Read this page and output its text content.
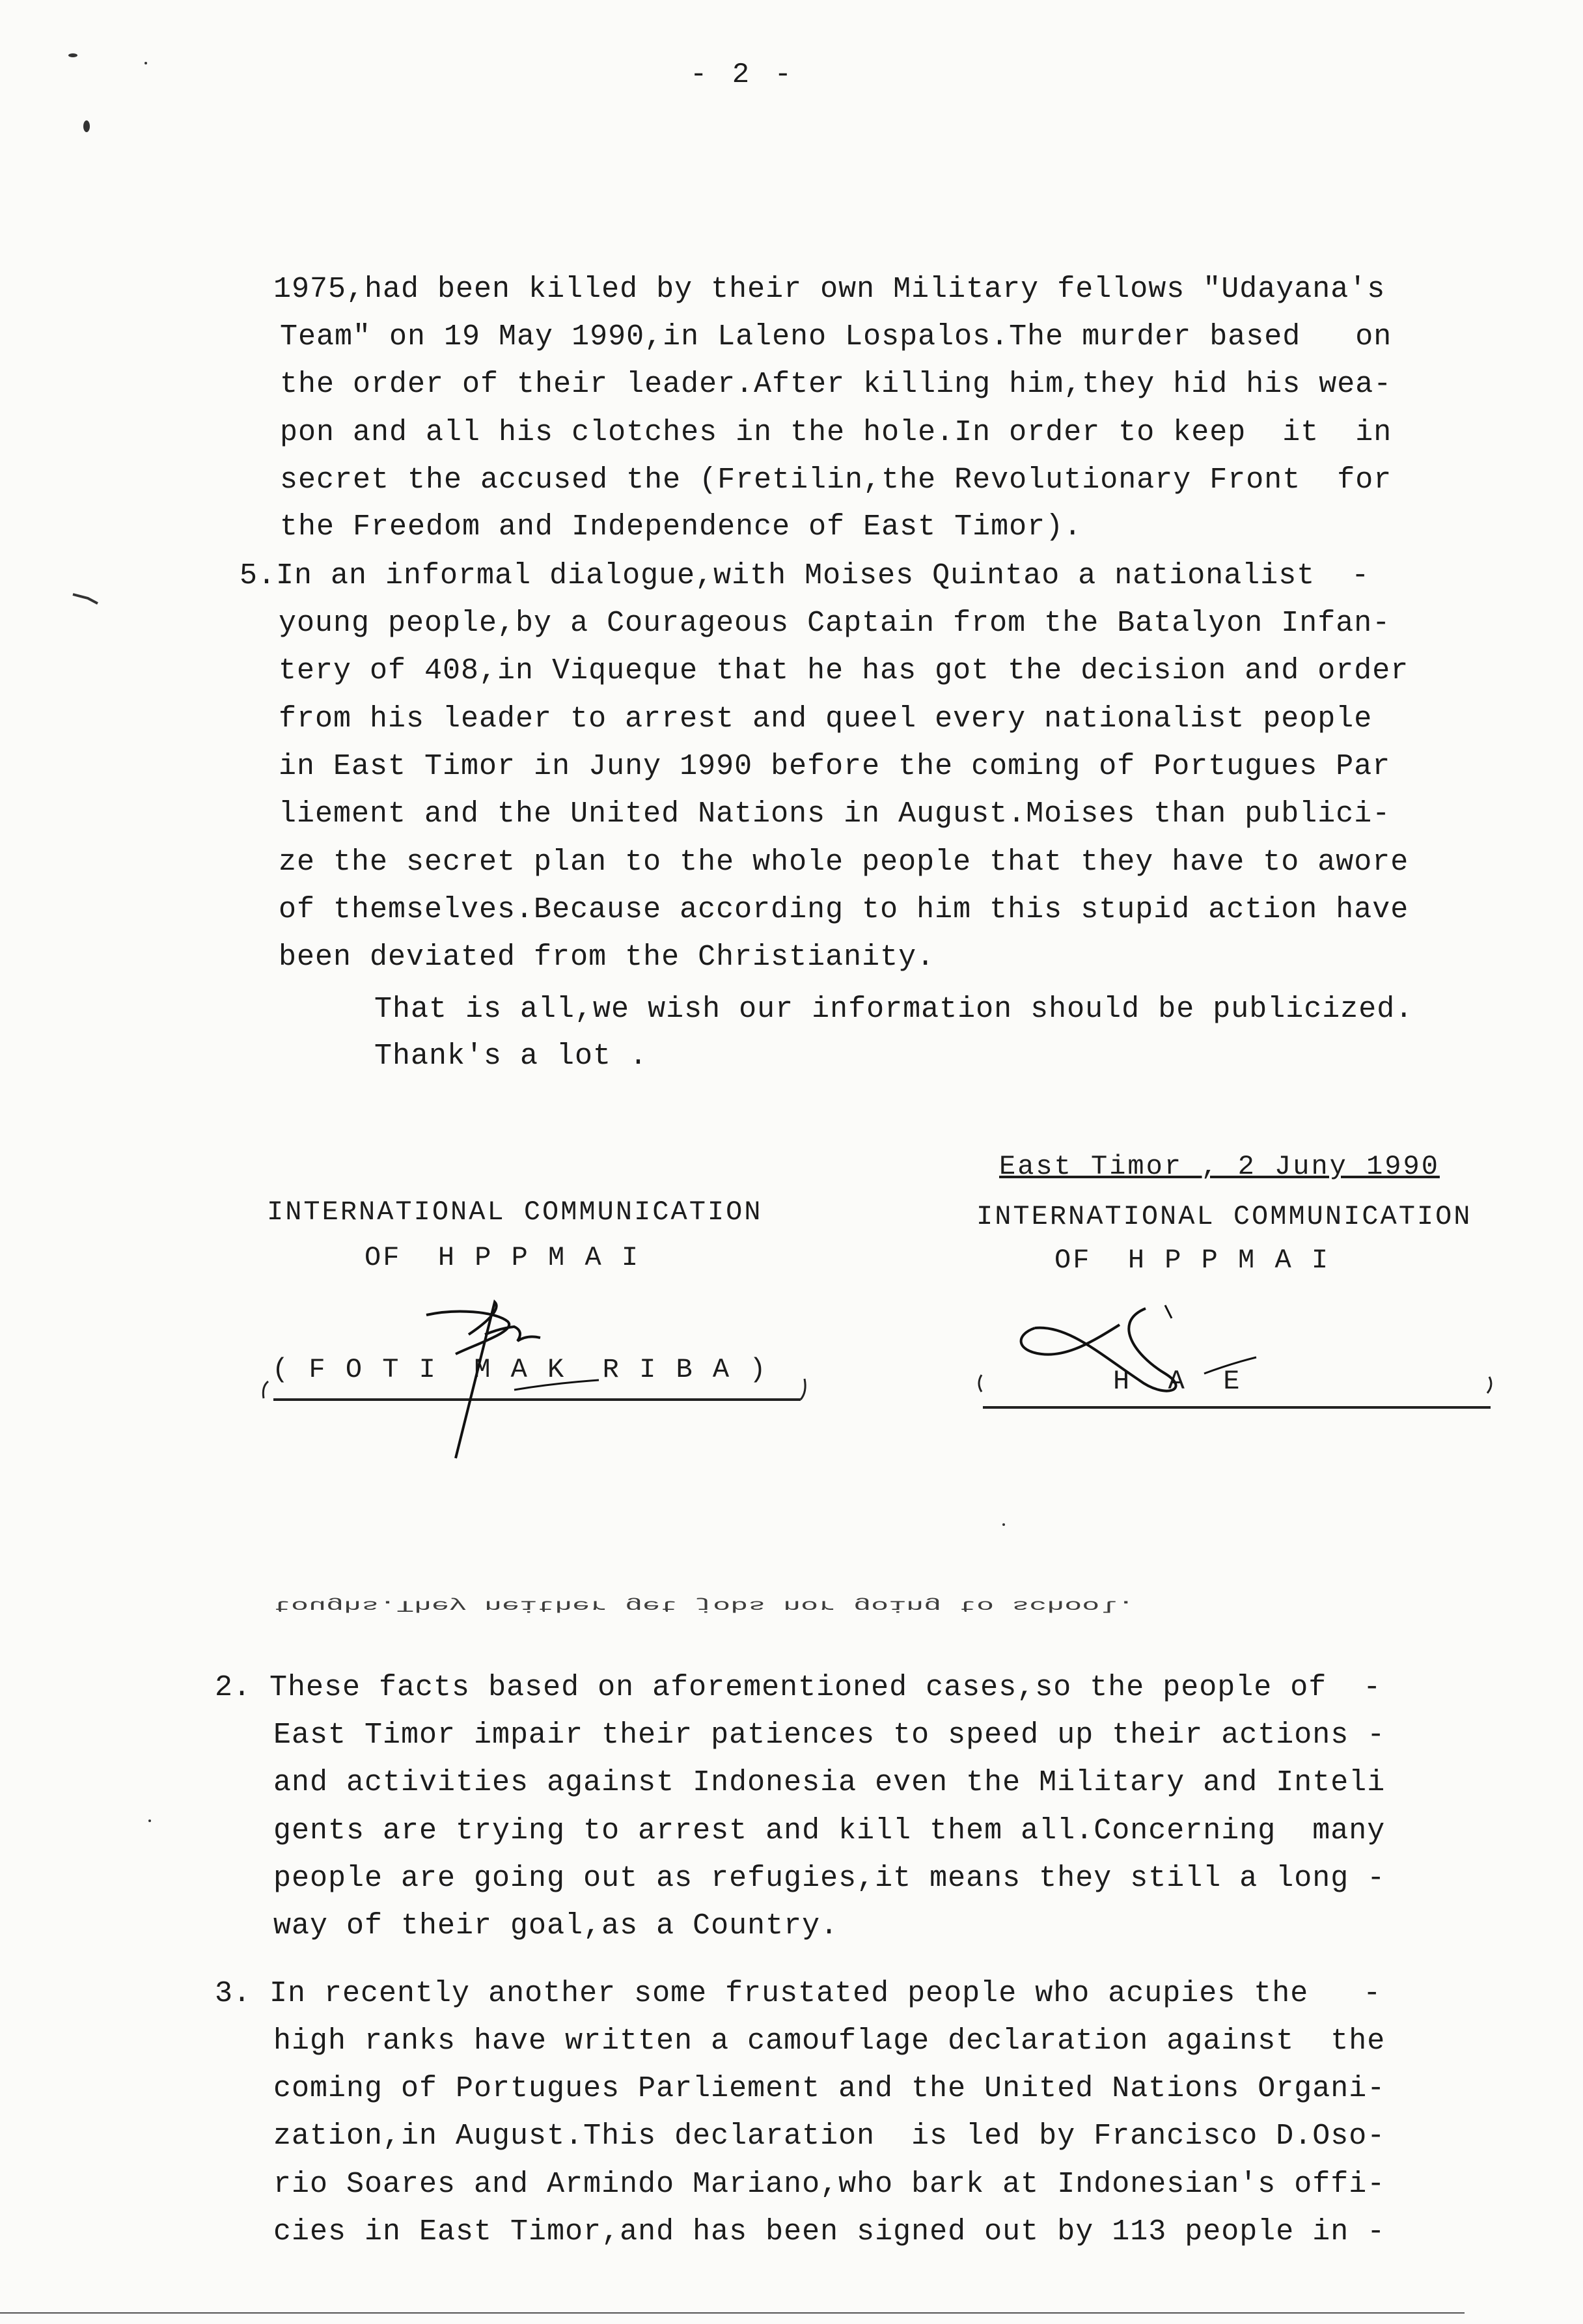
- 2 -
1975,had been killed by their own Military fellows "Udayana's
Team" on 19 May 1990,in Laleno Lospalos.The murder based   on
the order of their leader.After killing him,they hid his wea-
pon and all his clotches in the hole.In order to keep  it  in
secret the accused the (Fretilin,the Revolutionary Front  for
the Freedom and Independence of East Timor).
5.In an informal dialogue,with Moises Quintao a nationalist  -
young people,by a Courageous Captain from the Batalyon Infan-
tery of 408,in Viqueque that he has got the decision and order
from his leader to arrest and queel every nationalist people
in East Timor in Juny 1990 before the coming of Portugues Par
liement and the United Nations in August.Moises than publici-
ze the secret plan to the whole people that they have to awore
of themselves.Because according to him this stupid action have
been deviated from the Christianity.
That is all,we wish our information should be publicized.
Thank's a lot .
East Timor , 2 Juny 1990
INTERNATIONAL COMMUNICATION
OF  H P P M A I
( F O T I  M A K  R I B A )
INTERNATIONAL COMMUNICATION
OF  H P P M A I
H  A  E
toughs.They neither get jobs nor going to school.
2. These facts based on aforementioned cases,so the people of  -
East Timor impair their patiences to speed up their actions -
and activities against Indonesia even the Military and Inteli
gents are trying to arrest and kill them all.Concerning  many
people are going out as refugies,it means they still a long -
way of their goal,as a Country.
3. In recently another some frustated people who acupies the   -
high ranks have written a camouflage declaration against  the
coming of Portugues Parliement and the United Nations Organi-
zation,in August.This declaration  is led by Francisco D.Oso-
rio Soares and Armindo Mariano,who bark at Indonesian's offi-
cies in East Timor,and has been signed out by 113 people in -
